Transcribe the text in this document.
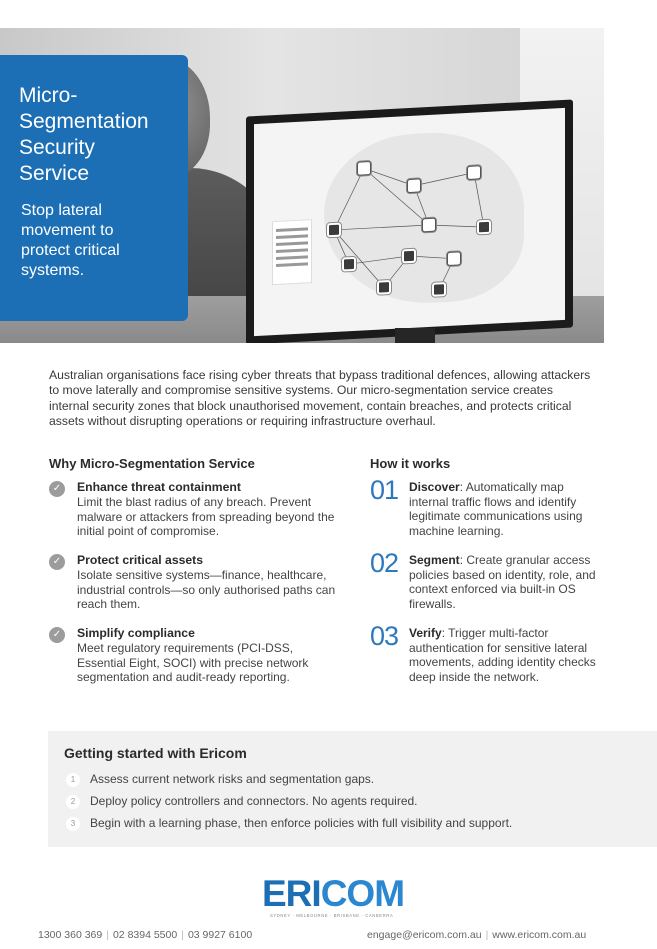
Micro-
Segmentation
Security
Service

Stop lateral
movement to
protect critical
systems.

Australian organisations face rising cyber threats that bypass traditional defences, allowing attackers to move laterally and compromise sensitive systems. Our micro-segmentation service creates internal security zones that block unauthorised movement, contain breaches, and protects critical assets without disrupting operations or requiring infrastructure overhaul.

Why Micro-Segmentation Service
✓	Enhance threat containment
Limit the blast radius of any breach. Prevent malware or attackers from spreading beyond the initial point of compromise.
✓	Protect critical assets
Isolate sensitive systems—finance, healthcare, industrial controls—so only authorised paths can reach them.
✓	Simplify compliance
Meet regulatory requirements (PCI-DSS, Essential Eight, SOCI) with precise network segmentation and audit-ready reporting.
How it works
01 Discover: Automatically map internal traffic flows and identify legitimate communications using machine learning.
02 Segment: Create granular access policies based on identity, role, and context enforced via built-in OS firewalls.
03 Verify: Trigger multi-factor authentication for sensitive lateral movements, adding identity checks deep inside the network.
Getting started with Ericom
1 Assess current network risks and segmentation gaps.
2 Deploy policy controllers and connectors. No agents required.
3 Begin with a learning phase, then enforce policies with full visibility and support.
ERICOM
SYDNEY · MELBOURNE · BRISBANE · CANBERRA
1300 360 369 | 02 8394 5500 | 03 9927 6100	engage@ericom.com.au | www.ericom.com.au
